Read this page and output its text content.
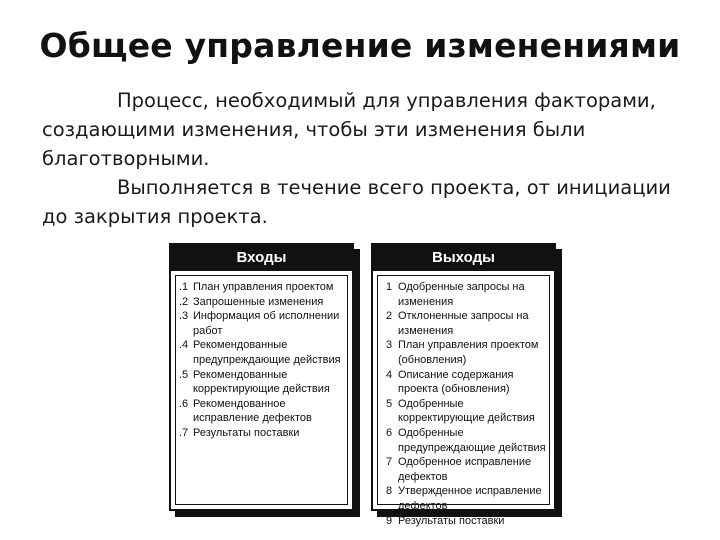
Общее управление изменениями

Процесс, необходимый для управления факторами, создающими изменения, чтобы эти изменения были благотворными.

Выполняется в течение всего проекта, от инициации до закрытия проекта.

Входы
.1 План управления проектом
.2 Запрошенные изменения
.3 Информация об исполнении
работ
.4 Рекомендованные
предупреждающие действия
.5 Рекомендованные
корректирующие действия
.6 Рекомендованное
исправление дефектов
.7 Результаты поставки
Выходы
1 Одобренные запросы на
изменения
2 Отклоненные запросы на
изменения
3 План управления проектом
(обновления)
4 Описание содержания
проекта (обновления)
5 Одобренные
корректирующие действия
6 Одобренные
предупреждающие действия
7 Одобренное исправление
дефектов
8 Утвержденное исправление
дефектов
9 Результаты поставки
